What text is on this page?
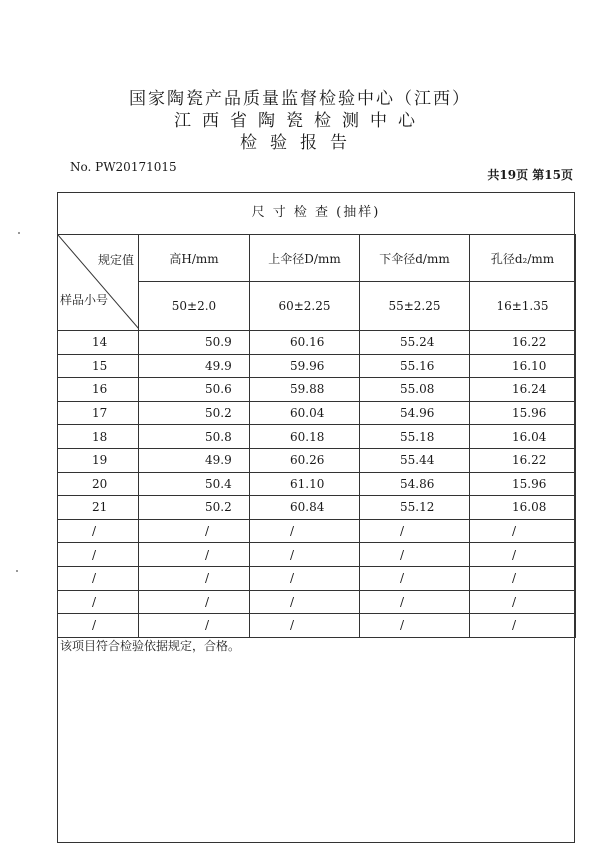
国家陶瓷产品质量监督检验中心（江西）
江西省陶瓷检测中心
检验报告
No. PW20171015
共19页 第15页
尺 寸 检 查 (抽样)
规定值
样品小号	高H/mm	上伞径D/mm	下伞径d/mm	孔径d₂/mm
	50±2.0	60±2.25	55±2.25	16±1.35
14	50.9	60.16	55.24	16.22
15	49.9	59.96	55.16	16.10
16	50.6	59.88	55.08	16.24
17	50.2	60.04	54.96	15.96
18	50.8	60.18	55.18	16.04
19	49.9	60.26	55.44	16.22
20	50.4	61.10	54.86	15.96
21	50.2	60.84	55.12	16.08
/	/	/	/	/
/	/	/	/	/
/	/	/	/	/
/	/	/	/	/
/	/	/	/	/
该项目符合检验依据规定，合格。
